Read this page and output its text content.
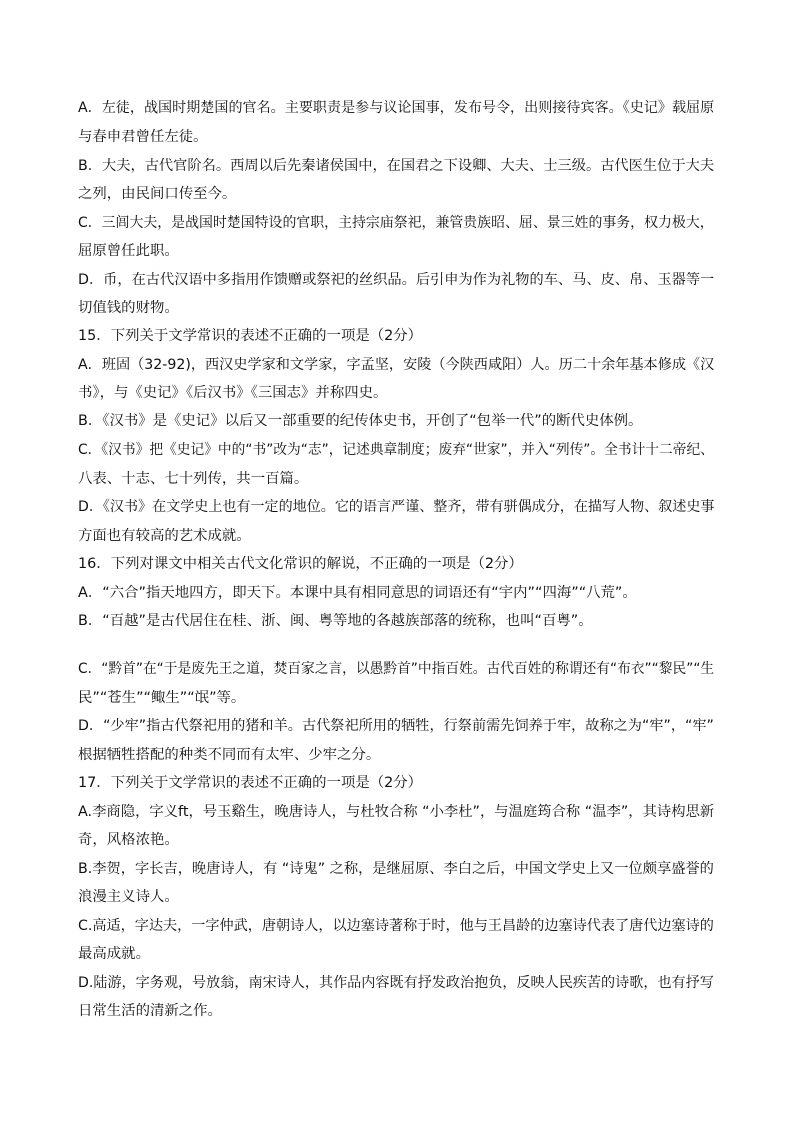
A．左徒，战国时期楚国的官名。主要职责是参与议论国事，发布号令，出则接待宾客。《史记》载屈原
与春申君曾任左徒。
B．大夫，古代官阶名。西周以后先秦诸侯国中，在国君之下设卿、大夫、士三级。古代医生位于大夫
之列，由民间口传至今。
C．三闾大夫，是战国时楚国特设的官职，主持宗庙祭祀，兼管贵族昭、屈、景三姓的事务，权力极大，
屈原曾任此职。
D．币，在古代汉语中多指用作馈赠或祭祀的丝织品。后引申为作为礼物的车、马、皮、帛、玉器等一
切值钱的财物。
15．下列关于文学常识的表述不正确的一项是（2分）
A．班固（32-92)，西汉史学家和文学家，字孟坚，安陵（今陕西咸阳）人。历二十余年基本修成《汉
书》，与《史记》《后汉书》《三国志》并称四史。
B．《汉书》是《史记》以后又一部重要的纪传体史书，开创了“包举一代”的断代史体例。
C．《汉书》把《史记》中的“书”改为“志”，记述典章制度；废弃“世家”，并入“列传”。全书计十二帝纪、
八表、十志、七十列传，共一百篇。
D．《汉书》在文学史上也有一定的地位。它的语言严谨、整齐，带有骈偶成分，在描写人物、叙述史事
方面也有较高的艺术成就。
16．下列对课文中相关古代文化常识的解说，不正确的一项是（2分）
A．“六合”指天地四方，即天下。本课中具有相同意思的词语还有“宇内”“四海”“八荒”。
B．“百越”是古代居住在桂、浙、闽、粤等地的各越族部落的统称，也叫“百粤”。
C．“黔首”在“于是废先王之道，焚百家之言，以愚黔首”中指百姓。古代百姓的称谓还有“布衣”“黎民”“生
民”“苍生”“鲰生”“氓”等。
D．“少牢”指古代祭祀用的猪和羊。古代祭祀所用的牺牲，行祭前需先饲养于牢，故称之为“牢”，“牢”
根据牺牲搭配的种类不同而有太牢、少牢之分。
17．下列关于文学常识的表述不正确的一项是（2分）
A.李商隐，字义ft，号玉谿生，晚唐诗人，与杜牧合称 “小李杜”，与温庭筠合称 “温李”，其诗构思新
奇，风格浓艳。
B.李贺，字长吉，晚唐诗人，有 “诗鬼” 之称，是继屈原、李白之后，中国文学史上又一位颇享盛誉的
浪漫主义诗人。
C.高适，字达夫，一字仲武，唐朝诗人，以边塞诗著称于时，他与王昌龄的边塞诗代表了唐代边塞诗的
最高成就。
D.陆游，字务观，号放翁，南宋诗人，其作品内容既有抒发政治抱负，反映人民疾苦的诗歌，也有抒写
日常生活的清新之作。
